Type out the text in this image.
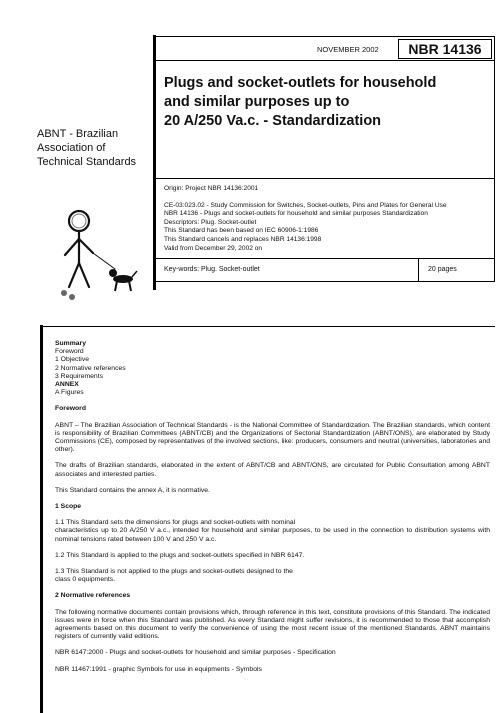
NOVEMBER 2002	NBR 14136
Plugs and socket-outlets for household
and similar purposes up to
20 A/250 Va.c. - Standardization
ABNT - Brazilian
Association of
Technical Standards

Origin: Project NBR 14136:2001

CE-03:023.02 - Study Commission for Switches, Socket-outlets, Pins and Plates for General Use

NBR 14136 - Plugs and socket-outlets for household and similar purposes Standardization

Descriptors: Plug. Socket-outlet

This Standard has been based on IEC 60906-1:1986

This Standard cancels and replaces NBR 14136:1998

Valid from December 29, 2002 on

Key-words: Plug. Socket-outlet	20 pages

Summary

Foreword

1 Objective

2 Normative references

3 Requirements

ANNEX

A Figures

Foreword

ABNT – The Brazilian Association of Technical Standards - is the National Committee of Standardization. The Brazilian standards, which content is responsibility of Brazilian Committees (ABNT/CB) and the Organizations of Sectorial Standardization (ABNT/ONS), are elaborated by Study Commissions (CE), composed by representatives of the involved sections, like: producers, consumers and neutral (universities, laboratories and other).

The drafts of Brazilian standards, elaborated in the extent of ABNT/CB and ABNT/ONS, are circulated for Public Consultation among ABNT associates and interested parties.

This Standard contains the annex A, it is normative.

1 Scope

1.1 This Standard sets the dimensions for plugs and socket-outlets with nominal

characteristics up to 20 A/250 V a.c., intended for household and similar purposes, to be used in the connection to distribution systems with nominal tensions rated between 100 V and 250 V a.c.

1.2 This Standard is applied to the plugs and socket-outlets specified in NBR 6147.

1.3 This Standard is not applied to the plugs and socket-outlets designed to the

class 0 equipments.

2 Normative references

The following normative documents contain provisions which, through reference in this text, constitute provisions of this Standard. The indicated issues were in force when this Standard was published. As every Standard might suffer revisions, it is recommended to those that accomplish agreements based on this document to verify the convenience of using the most recent issue of the mentioned Standards. ABNT maintains registers of currently valid editions.

NBR 6147:2000 - Plugs and socket-outlets for household and similar purposes - Specification

NBR 11467:1991 - graphic Symbols for use in equipments - Symbols
